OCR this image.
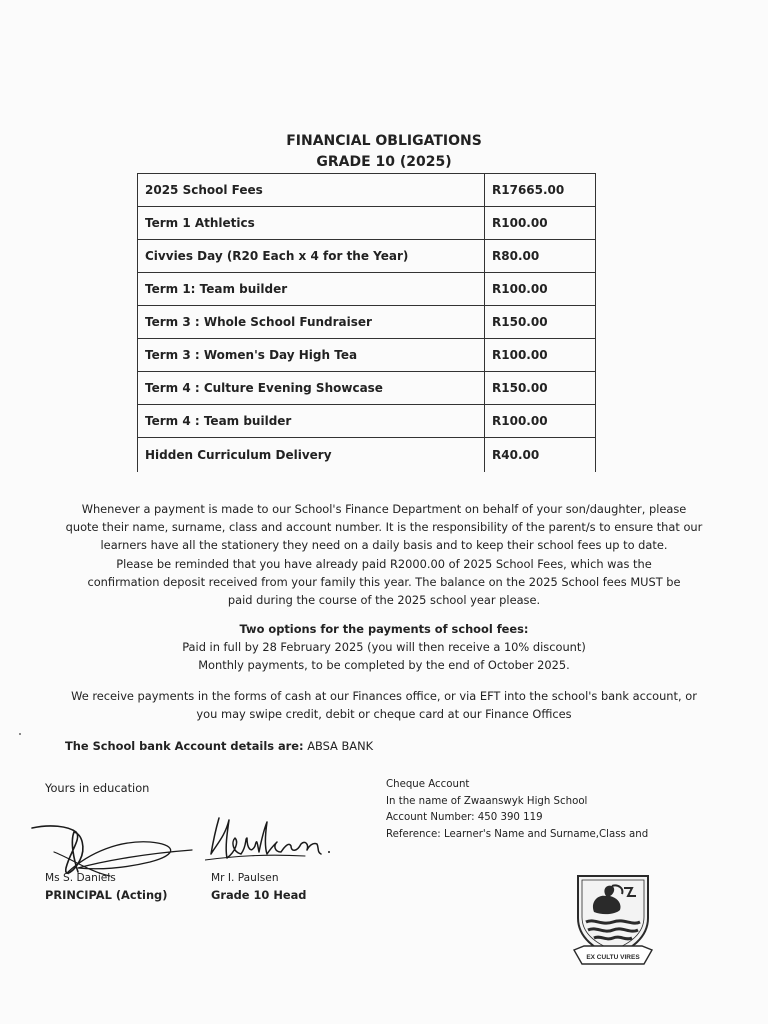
FINANCIAL OBLIGATIONS
GRADE 10 (2025)
2025 School Fees	R17665.00
Term 1 Athletics	R100.00
Civvies Day (R20 Each x 4 for the Year)	R80.00
Term 1: Team builder	R100.00
Term 3 : Whole School Fundraiser	R150.00
Term 3 : Women's Day High Tea	R100.00
Term 4 : Culture Evening Showcase	R150.00
Term 4 : Team builder	R100.00
Hidden Curriculum Delivery	R40.00
Whenever a payment is made to our School's Finance Department on behalf of your son/daughter, please
quote their name, surname, class and account number. It is the responsibility of the parent/s to ensure that our
learners have all the stationery they need on a daily basis and to keep their school fees up to date.
Please be reminded that you have already paid R2000.00 of 2025 School Fees, which was the
confirmation deposit received from your family this year. The balance on the 2025 School fees MUST be
paid during the course of the 2025 school year please.
Two options for the payments of school fees:
Paid in full by 28 February 2025 (you will then receive a 10% discount)
Monthly payments, to be completed by the end of October 2025.
We receive payments in the forms of cash at our Finances office, or via EFT into the school's bank account, or
you may swipe credit, debit or cheque card at our Finance Offices
The School bank Account details are: ABSA BANK
Yours in education	Cheque Account
In the name of Zwaanswyk High School
Account Number: 450 390 119
Reference: Learner's Name and Surname,Class and
Ms S. Daniels
PRINCIPAL (Acting)
Mr I. Paulsen
Grade 10 Head
EX CULTU VIRES
